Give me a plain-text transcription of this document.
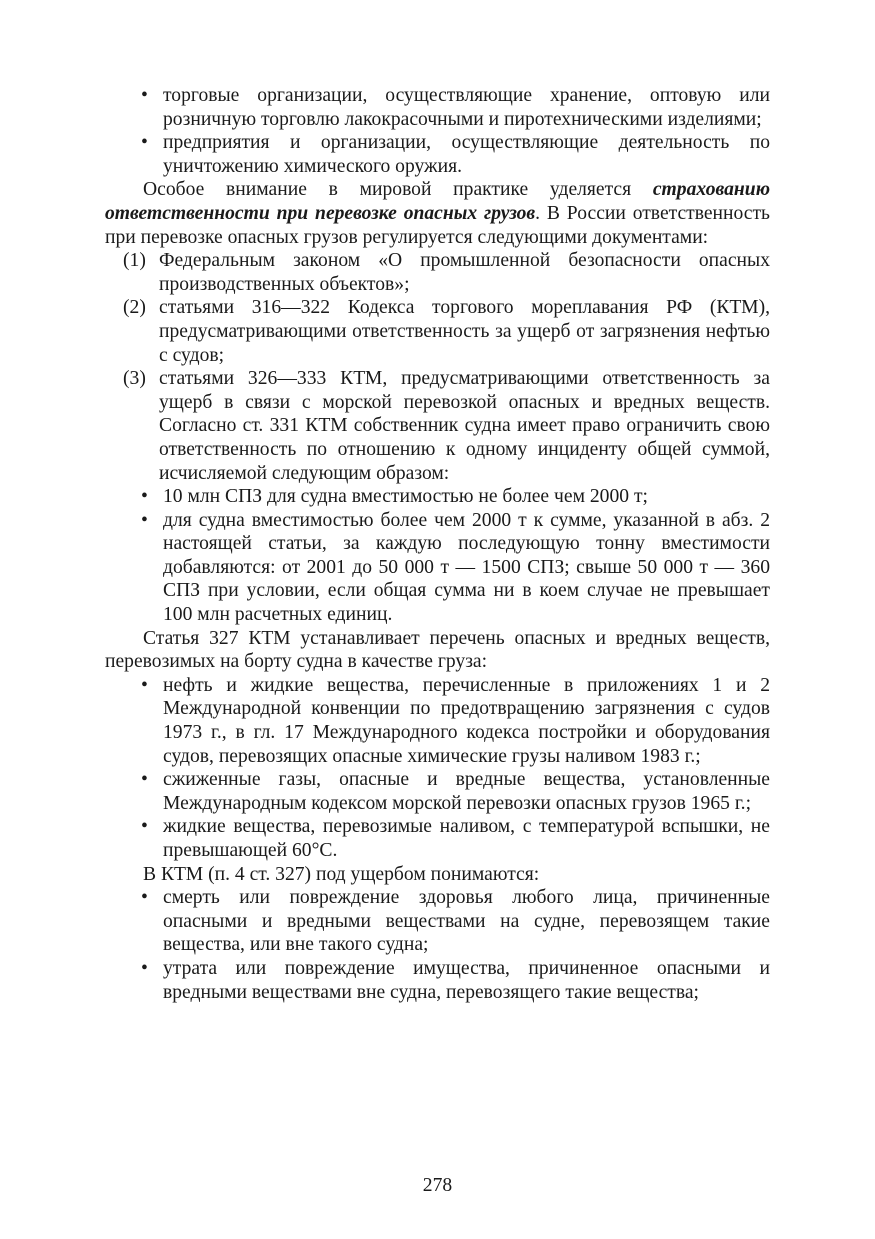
• торговые организации, осуществляющие хранение, оптовую или розничную торговлю лакокрасочными и пиротехническими изделиями;

• предприятия и организации, осуществляющие деятельность по уничтожению химического оружия.

Особое внимание в мировой практике уделяется страхованию ответственности при перевозке опасных грузов. В России ответственность при перевозке опасных грузов регулируется следующими документами:

(1) Федеральным законом «О промышленной безопасности опасных производственных объектов»;

(2) статьями 316—322 Кодекса торгового мореплавания РФ (КТМ), предусматривающими ответственность за ущерб от загрязнения нефтью с судов;

(3) статьями 326—333 КТМ, предусматривающими ответственность за ущерб в связи с морской перевозкой опасных и вредных веществ. Согласно ст. 331 КТМ собственник судна имеет право ограничить свою ответственность по отношению к одному инциденту общей суммой, исчисляемой следующим образом:

• 10 млн СПЗ для судна вместимостью не более чем 2000 т;

• для судна вместимостью более чем 2000 т к сумме, указанной в абз. 2 настоящей статьи, за каждую последующую тонну вместимости добавляются: от 2001 до 50 000 т — 1500 СПЗ; свыше 50 000 т — 360 СПЗ при условии, если общая сумма ни в коем случае не превышает 100 млн расчетных единиц.

Статья 327 КТМ устанавливает перечень опасных и вредных веществ, перевозимых на борту судна в качестве груза:

• нефть и жидкие вещества, перечисленные в приложениях 1 и 2 Международной конвенции по предотвращению загрязнения с судов 1973 г., в гл. 17 Международного кодекса постройки и оборудования судов, перевозящих опасные химические грузы наливом 1983 г.;

• сжиженные газы, опасные и вредные вещества, установленные Международным кодексом морской перевозки опасных грузов 1965 г.;

• жидкие вещества, перевозимые наливом, с температурой вспышки, не превышающей 60°С.

В КТМ (п. 4 ст. 327) под ущербом понимаются:

• смерть или повреждение здоровья любого лица, причиненные опасными и вредными веществами на судне, перевозящем такие вещества, или вне такого судна;

• утрата или повреждение имущества, причиненное опасными и вредными веществами вне судна, перевозящего такие вещества;

278
